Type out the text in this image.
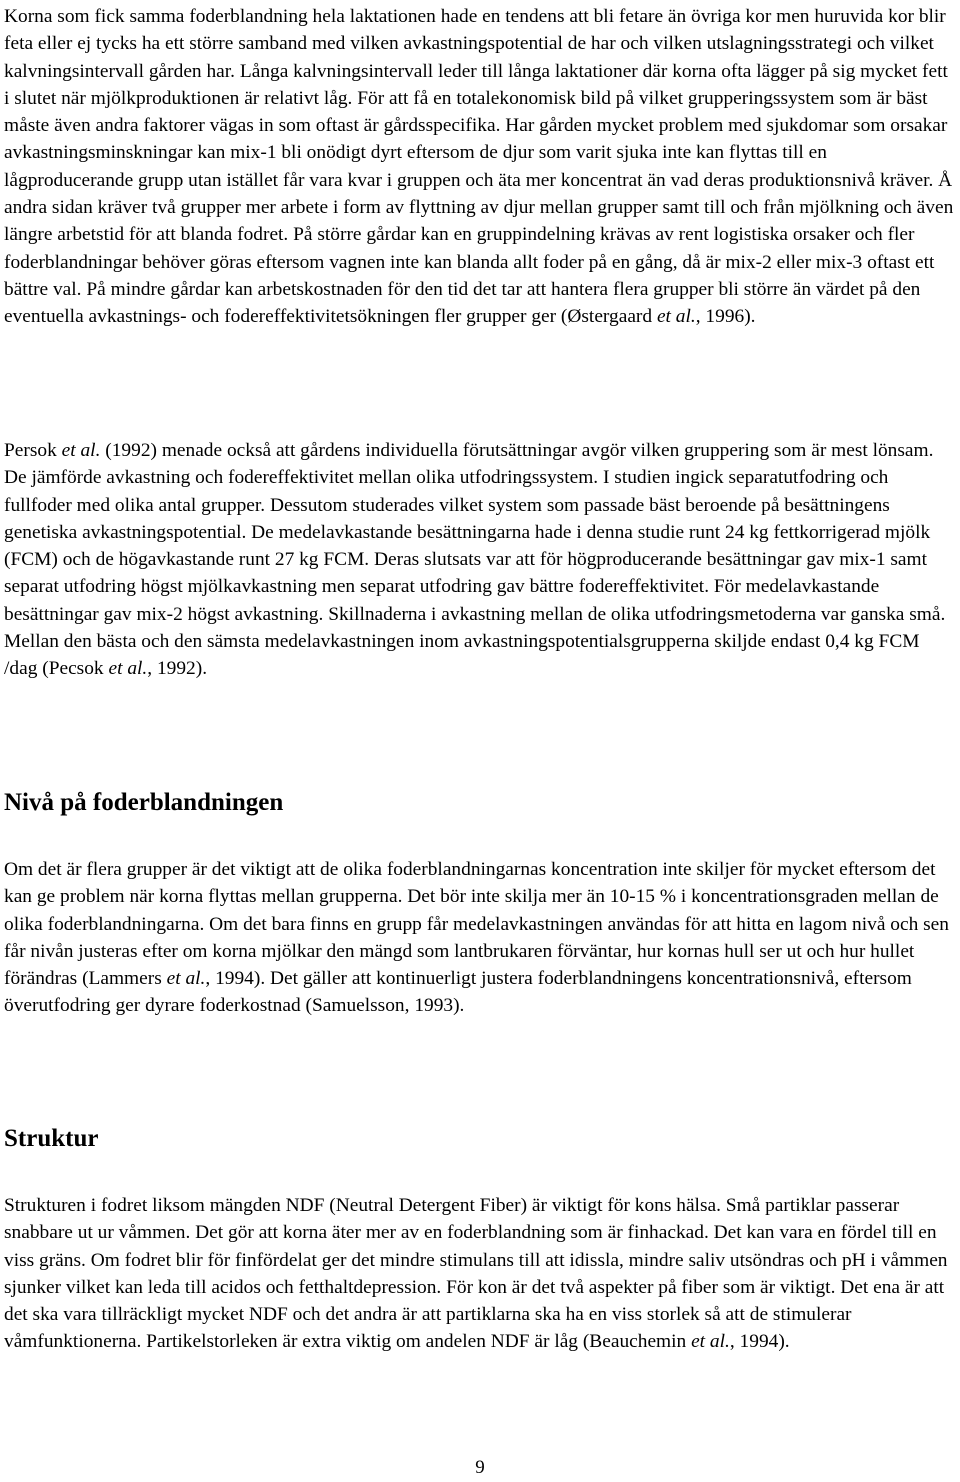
Korna som fick samma foderblandning hela laktationen hade en tendens att bli fetare än övriga kor men huruvida kor blir feta eller ej tycks ha ett större samband med vilken avkastningspotential de har och vilken utslagningsstrategi och vilket kalvningsintervall gården har. Långa kalvningsintervall leder till långa laktationer där korna ofta lägger på sig mycket fett i slutet när mjölkproduktionen är relativt låg. För att få en totalekonomisk bild på vilket grupperingssystem som är bäst måste även andra faktorer vägas in som oftast är gårdsspecifika. Har gården mycket problem med sjukdomar som orsakar avkastningsminskningar kan mix-1 bli onödigt dyrt eftersom de djur som varit sjuka inte kan flyttas till en lågproducerande grupp utan istället får vara kvar i gruppen och äta mer koncentrat än vad deras produktionsnivå kräver. Å andra sidan kräver två grupper mer arbete i form av flyttning av djur mellan grupper samt till och från mjölkning och även längre arbetstid för att blanda fodret. På större gårdar kan en gruppindelning krävas av rent logistiska orsaker och fler foderblandningar behöver göras eftersom vagnen inte kan blanda allt foder på en gång, då är mix-2 eller mix-3 oftast ett bättre val. På mindre gårdar kan arbetskostnaden för den tid det tar att hantera flera grupper bli större än värdet på den eventuella avkastnings- och fodereffektivitetsökningen fler grupper ger (Østergaard et al., 1996).

Persok et al. (1992) menade också att gårdens individuella förutsättningar avgör vilken gruppering som är mest lönsam. De jämförde avkastning och fodereffektivitet mellan olika utfodringssystem. I studien ingick separatutfodring och fullfoder med olika antal grupper. Dessutom studerades vilket system som passade bäst beroende på besättningens genetiska avkastningspotential. De medelavkastande besättningarna hade i denna studie runt 24 kg fettkorrigerad mjölk (FCM) och de högavkastande runt 27 kg FCM. Deras slutsats var att för högproducerande besättningar gav mix-1 samt separat utfodring högst mjölkavkastning men separat utfodring gav bättre fodereffektivitet. För medelavkastande besättningar gav mix-2 högst avkastning. Skillnaderna i avkastning mellan de olika utfodringsmetoderna var ganska små. Mellan den bästa och den sämsta medelavkastningen inom avkastningspotentialsgrupperna skiljde endast 0,4 kg FCM /dag (Pecsok et al., 1992).

Nivå på foderblandningen

Om det är flera grupper är det viktigt att de olika foderblandningarnas koncentration inte skiljer för mycket eftersom det kan ge problem när korna flyttas mellan grupperna. Det bör inte skilja mer än 10-15 % i koncentrationsgraden mellan de olika foderblandningarna. Om det bara finns en grupp får medelavkastningen användas för att hitta en lagom nivå och sen får nivån justeras efter om korna mjölkar den mängd som lantbrukaren förväntar, hur kornas hull ser ut och hur hullet förändras (Lammers et al., 1994). Det gäller att kontinuerligt justera foderblandningens koncentrationsnivå, eftersom överutfodring ger dyrare foderkostnad (Samuelsson, 1993).

Struktur

Strukturen i fodret liksom mängden NDF (Neutral Detergent Fiber) är viktigt för kons hälsa. Små partiklar passerar snabbare ut ur våmmen. Det gör att korna äter mer av en foderblandning som är finhackad. Det kan vara en fördel till en viss gräns. Om fodret blir för finfördelat ger det mindre stimulans till att idissla, mindre saliv utsöndras och pH i våmmen sjunker vilket kan leda till acidos och fetthaltdepression. För kon är det två aspekter på fiber som är viktigt. Det ena är att det ska vara tillräckligt mycket NDF och det andra är att partiklarna ska ha en viss storlek så att de stimulerar våmfunktionerna. Partikelstorleken är extra viktig om andelen NDF är låg (Beauchemin et al., 1994).

9
